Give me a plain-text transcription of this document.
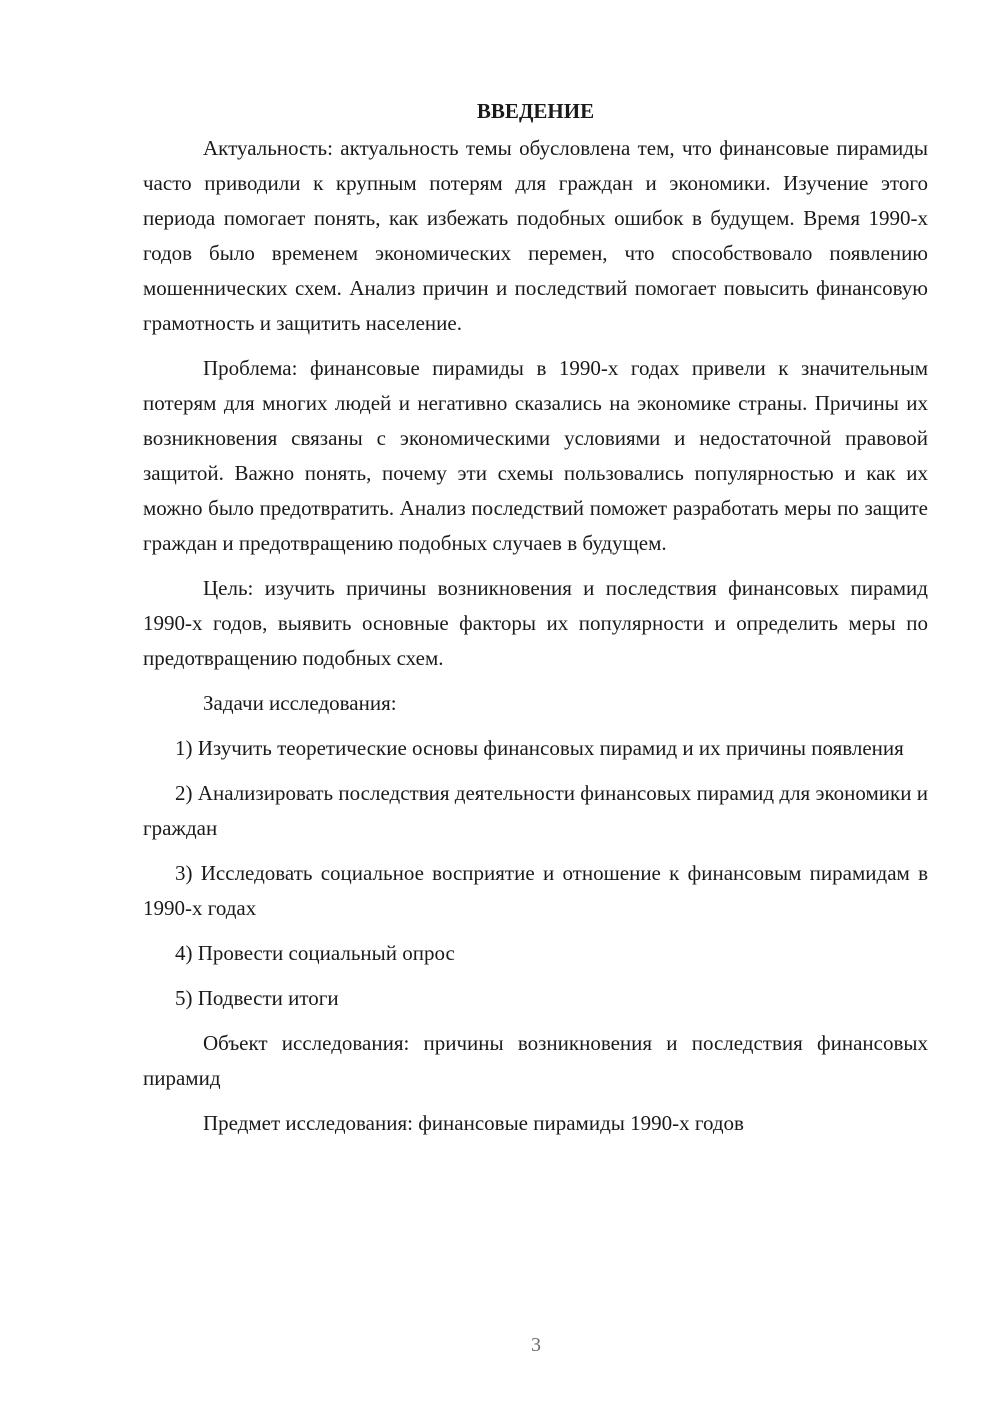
ВВЕДЕНИЕ

Актуальность: актуальность темы обусловлена тем, что финансовые пирамиды часто приводили к крупным потерям для граждан и экономики. Изучение этого периода помогает понять, как избежать подобных ошибок в будущем. Время 1990-х годов было временем экономических перемен, что способствовало появлению мошеннических схем. Анализ причин и последствий помогает повысить финансовую грамотность и защитить население.

Проблема: финансовые пирамиды в 1990-х годах привели к значительным потерям для многих людей и негативно сказались на экономике страны. Причины их возникновения связаны с экономическими условиями и недостаточной правовой защитой. Важно понять, почему эти схемы пользовались популярностью и как их можно было предотвратить. Анализ последствий поможет разработать меры по защите граждан и предотвращению подобных случаев в будущем.

Цель: изучить причины возникновения и последствия финансовых пирамид 1990-х годов, выявить основные факторы их популярности и определить меры по предотвращению подобных схем.

Задачи исследования:

1) Изучить теоретические основы финансовых пирамид и их причины появления

2) Анализировать последствия деятельности финансовых пирамид для экономики и граждан

3) Исследовать социальное восприятие и отношение к финансовым пирамидам в 1990-х годах

4) Провести социальный опрос

5) Подвести итоги

Объект исследования: причины возникновения и последствия финансовых пирамид

Предмет исследования: финансовые пирамиды 1990-х годов

3
